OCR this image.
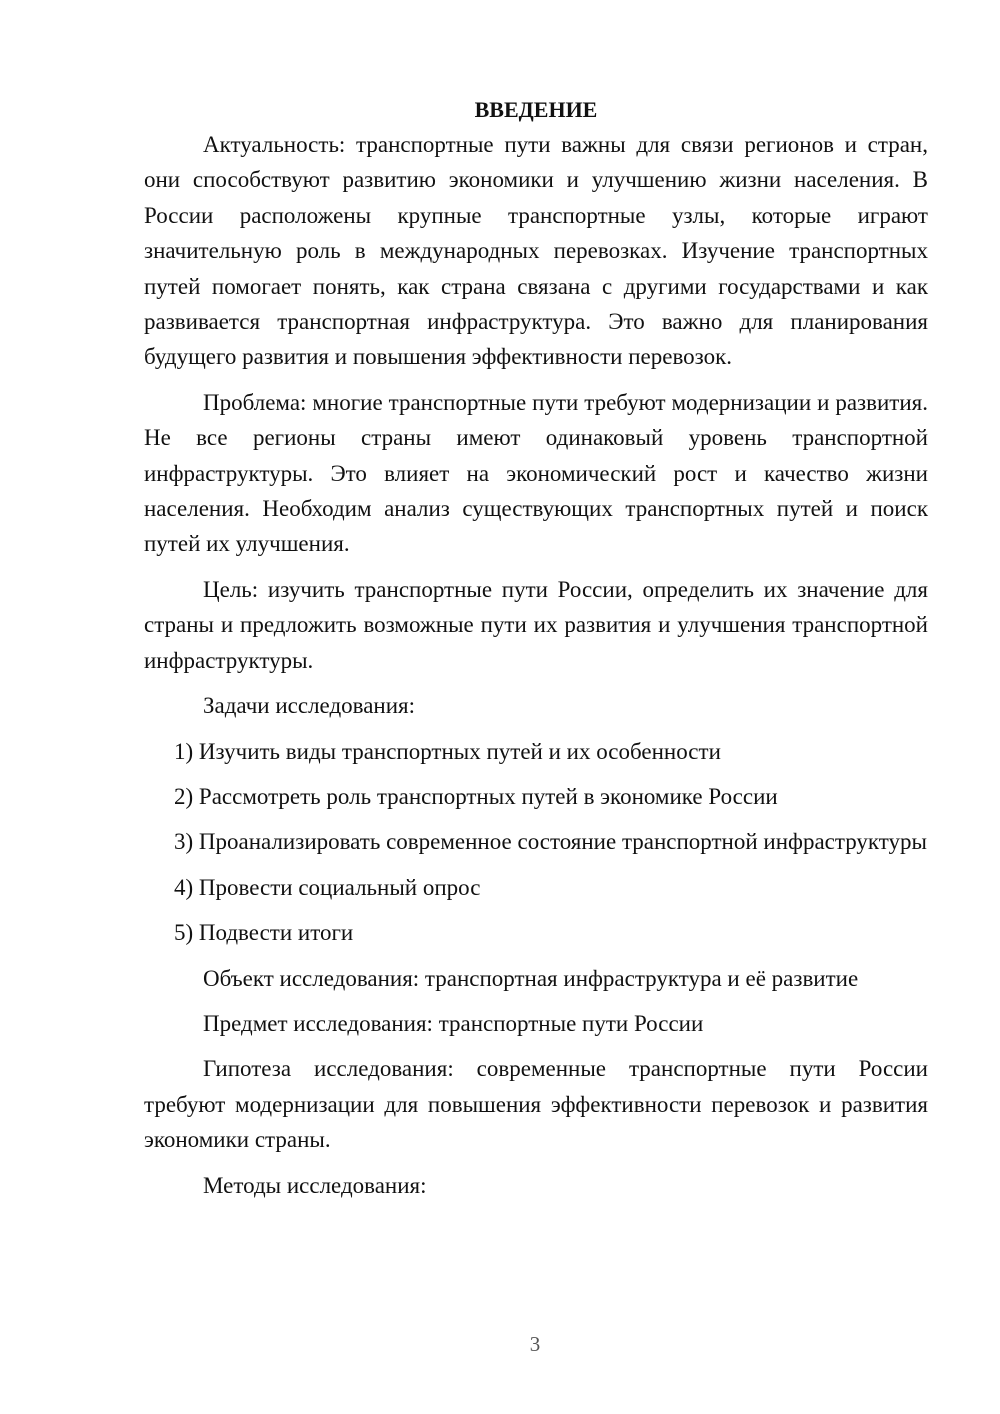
ВВЕДЕНИЕ

Актуальность: транспортные пути важны для связи регионов и стран, они способствуют развитию экономики и улучшению жизни населения. В России расположены крупные транспортные узлы, которые играют значительную роль в международных перевозках. Изучение транспортных путей помогает понять, как страна связана с другими государствами и как развивается транспортная инфраструктура. Это важно для планирования будущего развития и повышения эффективности перевозок.

Проблема: многие транспортные пути требуют модернизации и развития. Не все регионы страны имеют одинаковый уровень транспортной инфраструктуры. Это влияет на экономический рост и качество жизни населения. Необходим анализ существующих транспортных путей и поиск путей их улучшения.

Цель: изучить транспортные пути России, определить их значение для страны и предложить возможные пути их развития и улучшения транспортной инфраструктуры.

Задачи исследования:

1) Изучить виды транспортных путей и их особенности

2) Рассмотреть роль транспортных путей в экономике России

3) Проанализировать современное состояние транспортной инфраструктуры

4) Провести социальный опрос

5) Подвести итоги

Объект исследования: транспортная инфраструктура и её развитие

Предмет исследования: транспортные пути России

Гипотеза исследования: современные транспортные пути России требуют модернизации для повышения эффективности перевозок и развития экономики страны.

Методы исследования:

3
